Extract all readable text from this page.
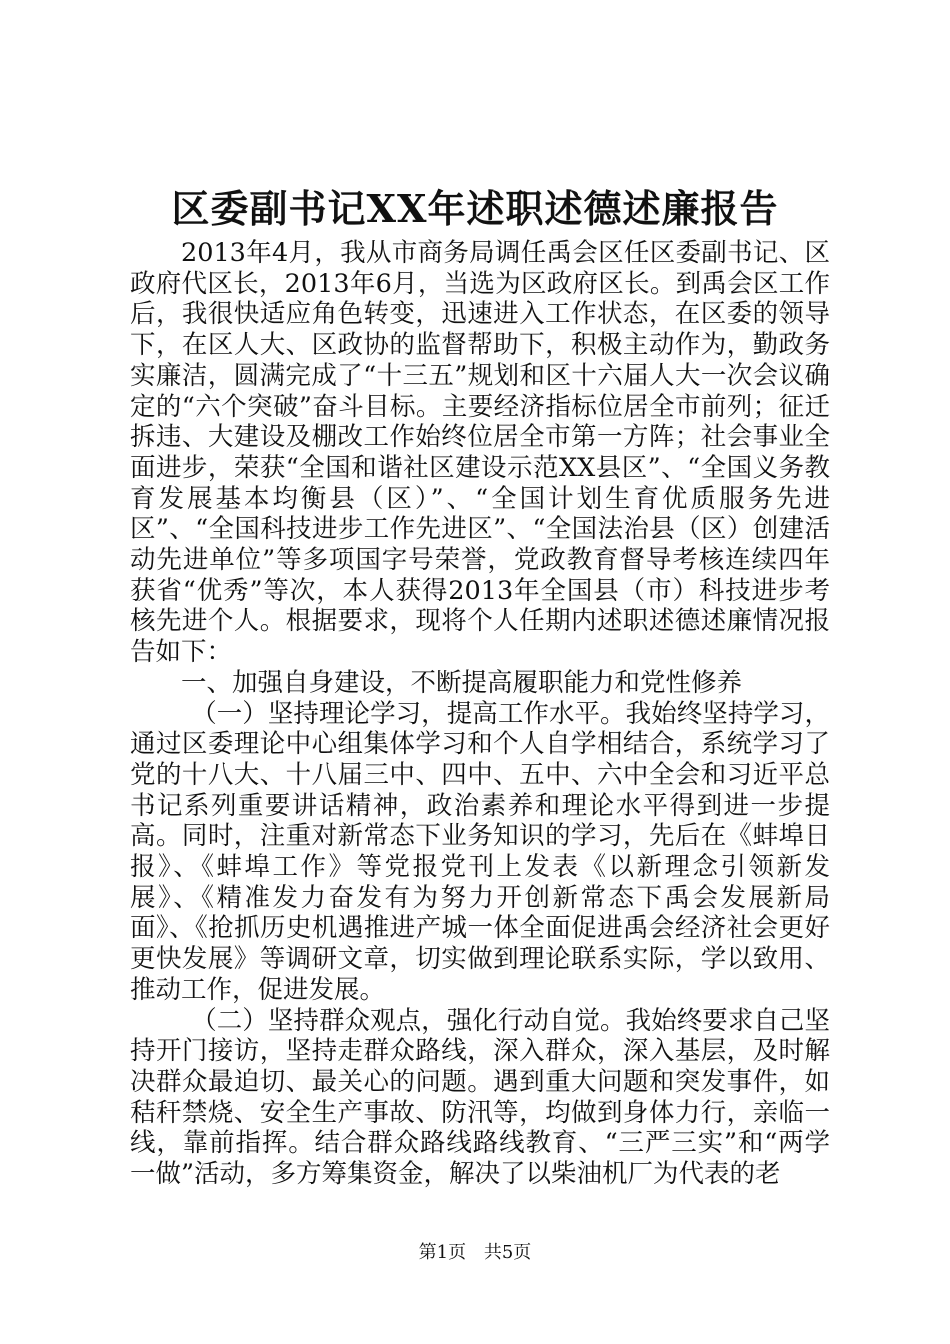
区委副书记XX年述职述德述廉报告

2013年4月，我从市商务局调任禹会区任区委副书记、区政府代区长，2013年6月，当选为区政府区长。到禹会区工作后，我很快适应角色转变，迅速进入工作状态，在区委的领导下，在区人大、区政协的监督帮助下，积极主动作为，勤政务实廉洁，圆满完成了“十三五”规划和区十六届人大一次会议确定的“六个突破”奋斗目标。主要经济指标位居全市前列；征迁拆违、大建设及棚改工作始终位居全市第一方阵；社会事业全面进步，荣获“全国和谐社区建设示范XX县区”、“全国义务教育发展基本均衡县（区）”、“全国计划生育优质服务先进区”、“全国科技进步工作先进区”、“全国法治县（区）创建活动先进单位”等多项国字号荣誉，党政教育督导考核连续四年获省“优秀”等次，本人获得2013年全国县（市）科技进步考核先进个人。根据要求，现将个人任期内述职述德述廉情况报告如下：

一、加强自身建设，不断提高履职能力和党性修养

（一）坚持理论学习，提高工作水平。我始终坚持学习，通过区委理论中心组集体学习和个人自学相结合，系统学习了党的十八大、十八届三中、四中、五中、六中全会和习近平总书记系列重要讲话精神，政治素养和理论水平得到进一步提高。同时，注重对新常态下业务知识的学习，先后在《蚌埠日报》、《蚌埠工作》等党报党刊上发表《以新理念引领新发展》、《精准发力奋发有为努力开创新常态下禹会发展新局面》、《抢抓历史机遇推进产城一体全面促进禹会经济社会更好更快发展》等调研文章，切实做到理论联系实际，学以致用、推动工作，促进发展。

（二）坚持群众观点，强化行动自觉。我始终要求自己坚持开门接访，坚持走群众路线，深入群众，深入基层，及时解决群众最迫切、最关心的问题。遇到重大问题和突发事件，如秸秆禁烧、安全生产事故、防汛等，均做到身体力行，亲临一线，靠前指挥。结合群众路线路线教育、“三严三实”和“两学一做”活动，多方筹集资金，解决了以柴油机厂为代表的老

第1页 共5页
